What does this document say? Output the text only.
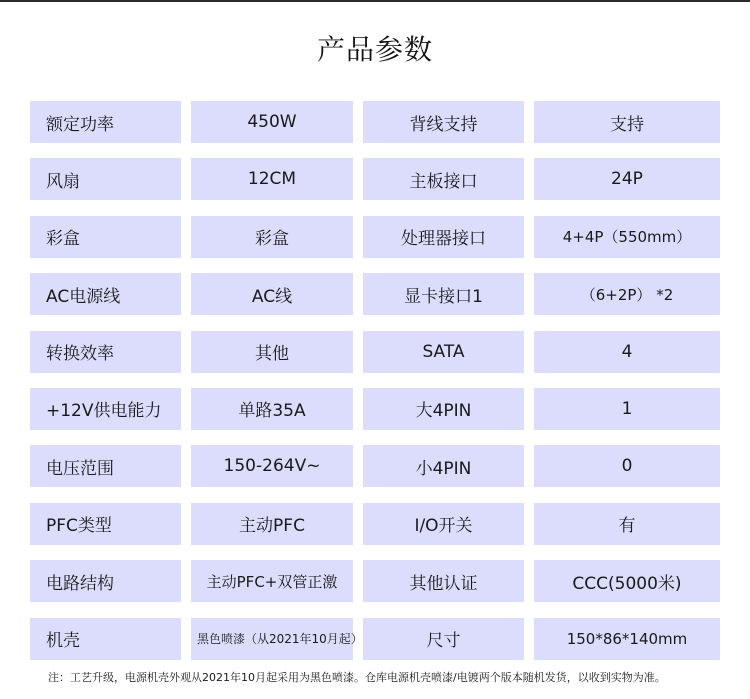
产品参数
额定功率	450W	背线支持	支持
风扇	12CM	主板接口	24P
彩盒	彩盒	处理器接口	4+4P（550mm）
AC电源线	AC线	显卡接口1	（6+2P） *2
转换效率	其他	SATA	4
+12V供电能力	单路35A	大4PIN	1
电压范围	150-264V~	小4PIN	0
PFC类型	主动PFC	I/O开关	有
电路结构	主动PFC+双管正激	其他认证	CCC(5000米)
机壳	黑色喷漆（从2021年10月起）	尺寸	150*86*140mm
注：工艺升级，电源机壳外观从2021年10月起采用为黑色喷漆。仓库电源机壳喷漆/电镀两个版本随机发货，以收到实物为准。
